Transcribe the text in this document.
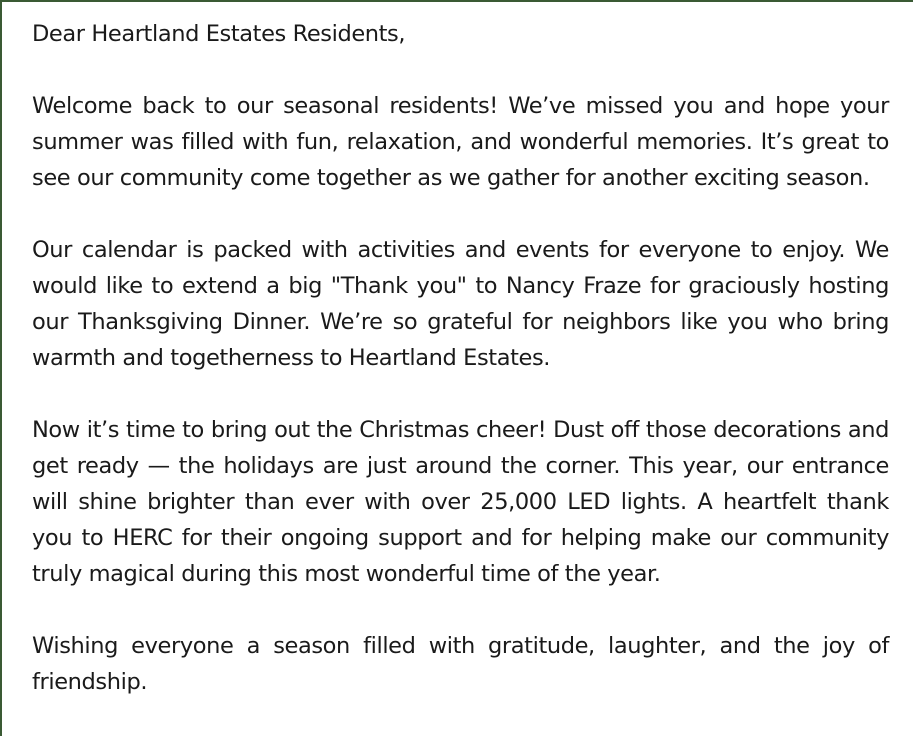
Dear Heartland Estates Residents,

Welcome back to our seasonal residents! We’ve missed you and hope your summer was filled with fun, relaxation, and wonderful memories. It’s great to see our community come together as we gather for another exciting season.

Our calendar is packed with activities and events for everyone to enjoy. We would like to extend a big "Thank you" to Nancy Fraze for graciously hosting our Thanksgiving Dinner. We’re so grateful for neighbors like you who bring warmth and togetherness to Heartland Estates.

Now it’s time to bring out the Christmas cheer! Dust off those decorations and get ready — the holidays are just around the corner. This year, our entrance will shine brighter than ever with over 25,000 LED lights. A heartfelt thank you to HERC for their ongoing support and for helping make our community truly magical during this most wonderful time of the year.

Wishing everyone a season filled with gratitude, laughter, and the joy of friendship.
